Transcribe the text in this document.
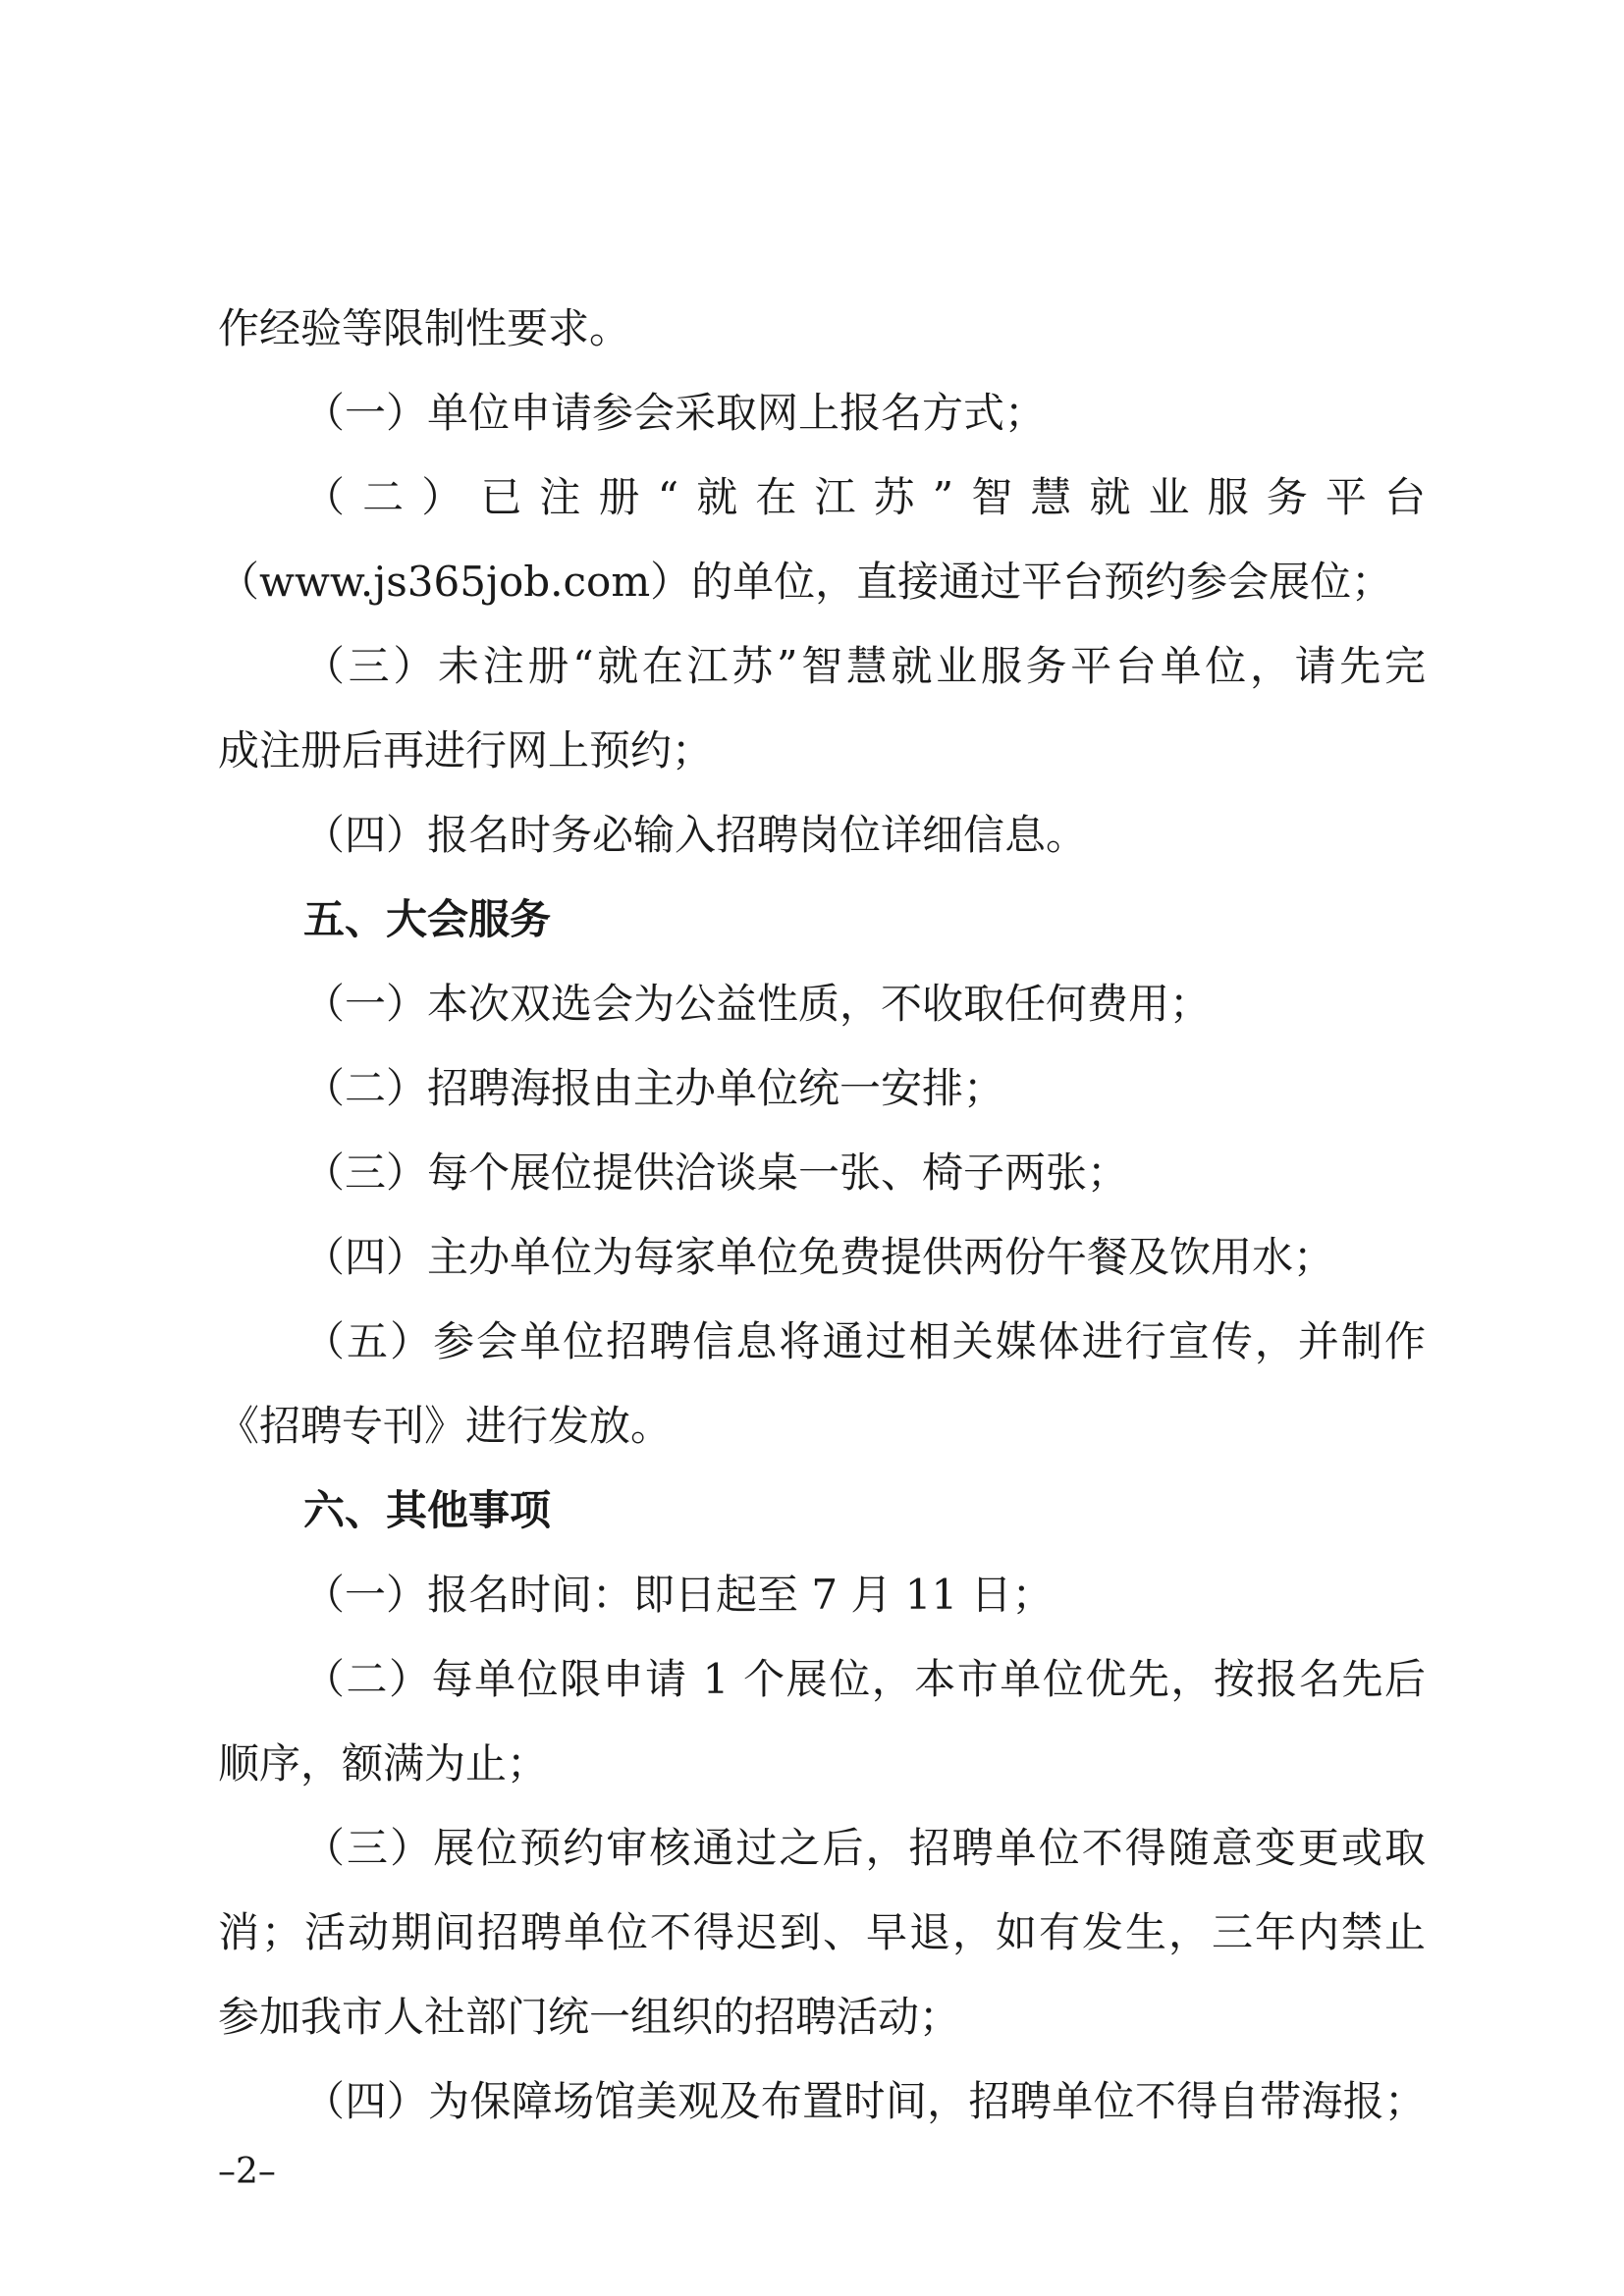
作经验等限制性要求。
（一）单位申请参会采取网上报名方式；
（二）已注册“就在江苏”智慧就业服务平台
（www.js365job.com）的单位，直接通过平台预约参会展位；
（三）未注册“就在江苏”智慧就业服务平台单位，请先完
成注册后再进行网上预约；
（四）报名时务必输入招聘岗位详细信息。
五、大会服务
（一）本次双选会为公益性质，不收取任何费用；
（二）招聘海报由主办单位统一安排；
（三）每个展位提供洽谈桌一张、椅子两张；
（四）主办单位为每家单位免费提供两份午餐及饮用水；
（五）参会单位招聘信息将通过相关媒体进行宣传，并制作
《招聘专刊》进行发放。
六、其他事项
（一）报名时间：即日起至 7 月 11 日；
（二）每单位限申请 1 个展位，本市单位优先，按报名先后
顺序，额满为止；
（三）展位预约审核通过之后，招聘单位不得随意变更或取
消；活动期间招聘单位不得迟到、早退，如有发生，三年内禁止
参加我市人社部门统一组织的招聘活动；
（四）为保障场馆美观及布置时间，招聘单位不得自带海报；
–2–
